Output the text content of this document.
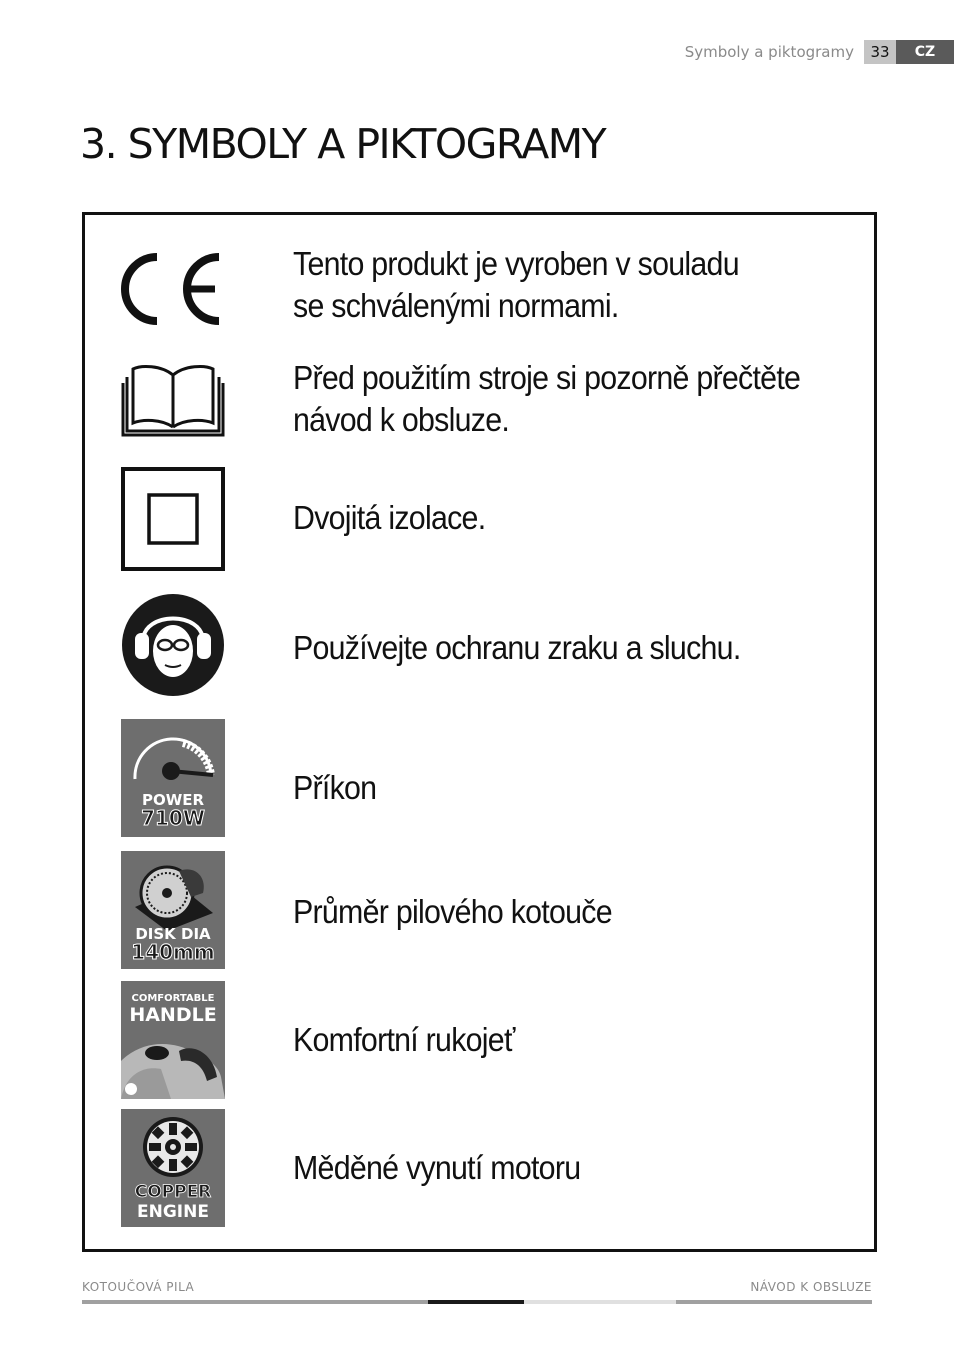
Symboly a piktogramy	33	CZ
3. SYMBOLY A PIKTOGRAMY
Tento produkt je vyroben v souladu
se schválenými normami.
Před použitím stroje si pozorně přečtěte
návod k obsluze.
Dvojitá izolace.
Používejte ochranu zraku a sluchu.
POWER
710W
Příkon
DISK DIA
140mm
Průměr pilového kotouče
COMFORTABLE
HANDLE
Komfortní rukojeť
COPPER
ENGINE
Měděné vynutí motoru
KOTOUČOVÁ PILA	NÁVOD K OBSLUZE
